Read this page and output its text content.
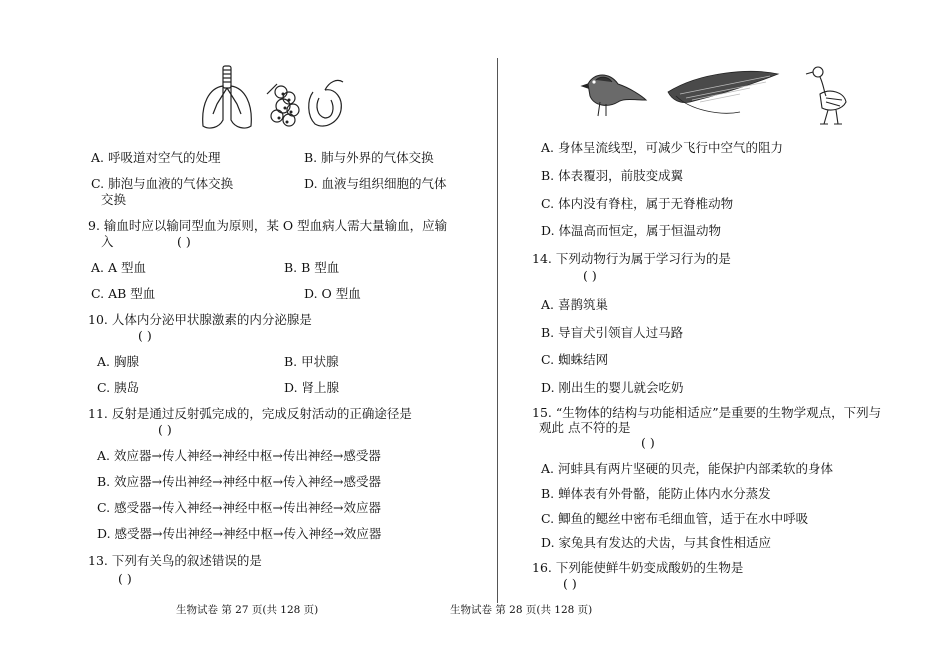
A. 呼吸道对空气的处理	B. 肺与外界的气体交换
C. 肺泡与血液的气体交换	D. 血液与组织细胞的气体
交换
9. 输血时应以输同型血为原则，某 O 型血病人需大量输血，应输
入	( )
A. A 型血	B. B 型血
C. AB 型血	D. O 型血
10. 人体内分泌甲状腺激素的内分泌腺是
( )
A. 胸腺	B. 甲状腺
C. 胰岛	D. 肾上腺
11. 反射是通过反射弧完成的，完成反射活动的正确途径是
( )
A. 效应器→传人神经→神经中枢→传出神经→感受器
B. 效应器→传出神经→神经中枢→传入神经→感受器
C. 感受器→传入神经→神经中枢→传出神经→效应器
D. 感受器→传出神经→神经中枢→传入神经→效应器
13. 下列有关鸟的叙述错误的是
( )
生物试卷 第 27 页(共 128 页)
A. 身体呈流线型，可减少飞行中空气的阻力
B. 体表覆羽，前肢变成翼
C. 体内没有脊柱，属于无脊椎动物
D. 体温高而恒定，属于恒温动物
14. 下列动物行为属于学习行为的是
( )
A. 喜鹊筑巢
B. 导盲犬引领盲人过马路
C. 蜘蛛结网
D. 刚出生的婴儿就会吃奶
15. “生物体的结构与功能相适应”是重要的生物学观点，下列与
观此 点不符的是
( )
A. 河蚌具有两片坚硬的贝壳，能保护内部柔软的身体
B. 蝉体表有外骨骼，能防止体内水分蒸发
C. 鲫鱼的鳃丝中密布毛细血管，适于在水中呼吸
D. 家兔具有发达的犬齿，与其食性相适应
16. 下列能使鲜牛奶变成酸奶的生物是
( )
生物试卷 第 28 页(共 128 页)
